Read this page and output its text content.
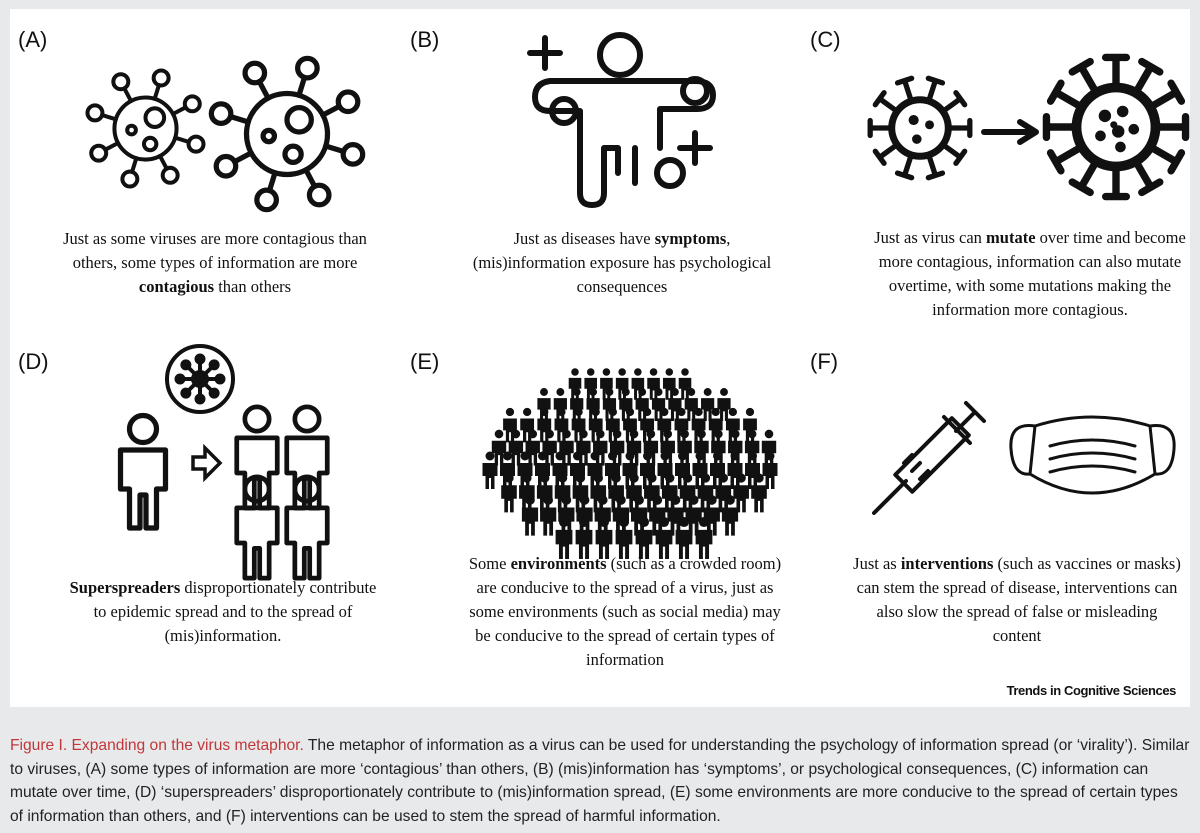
(A)
Just as some viruses are more contagious than others, some types of information are more contagious than others
(B)
Just as diseases have symptoms, (mis)information exposure has psychological consequences
(C)
Just as virus can mutate over time and become more contagious, information can also mutate overtime, with some mutations making the information more contagious.
(D)
Superspreaders disproportionately contribute to epidemic spread and to the spread of (mis)information.
(E)
Some environments (such as a crowded room) are conducive to the spread of a virus, just as some environments (such as social media) may be conducive to the spread of certain types of information
(F)
Just as interventions (such as vaccines or masks) can stem the spread of disease, interventions can also slow the spread of false or misleading content
Trends in Cognitive Sciences
Figure I. Expanding on the virus metaphor. The metaphor of information as a virus can be used for understanding the psychology of information spread (or ‘virality’). Similar to viruses, (A) some types of information are more ‘contagious’ than others, (B) (mis)information has ‘symptoms’, or psychological consequences, (C) information can mutate over time, (D) ‘superspreaders’ disproportionately contribute to (mis)information spread, (E) some environments are more conducive to the spread of certain types of information than others, and (F) interventions can be used to stem the spread of harmful information.
